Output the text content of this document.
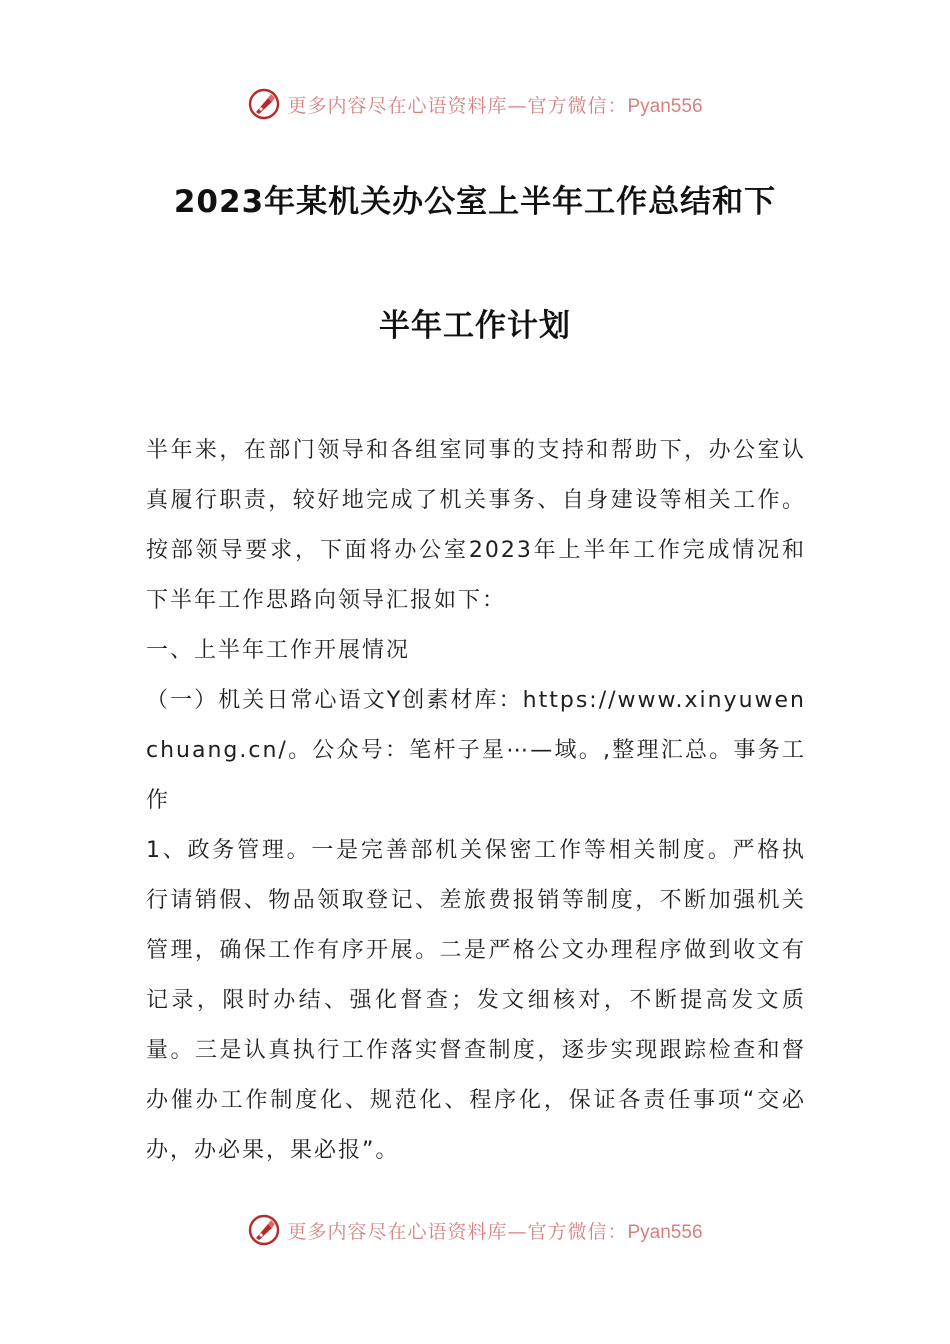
更多内容尽在心语资料库—官方微信：Pyan556
2023年某机关办公室上半年工作总结和下
半年工作计划

半年来，在部门领导和各组室同事的支持和帮助下，办公室认真履行职责，较好地完成了机关事务、自身建设等相关工作。按部领导要求，下面将办公室2023年上半年工作完成情况和下半年工作思路向领导汇报如下：

一、上半年工作开展情况

（一）机关日常心语文Y创素材库：https://www.xinyuwenchuang.cn/。公众号：笔杆子星⋯—域。,整理汇总。事务工作

1、政务管理。一是完善部机关保密工作等相关制度。严格执行请销假、物品领取登记、差旅费报销等制度，不断加强机关管理，确保工作有序开展。二是严格公文办理程序做到收文有记录，限时办结、强化督查；发文细核对，不断提高发文质量。三是认真执行工作落实督查制度，逐步实现跟踪检查和督办催办工作制度化、规范化、程序化，保证各责任事项“交必办，办必果，果必报”。

更多内容尽在心语资料库—官方微信：Pyan556
